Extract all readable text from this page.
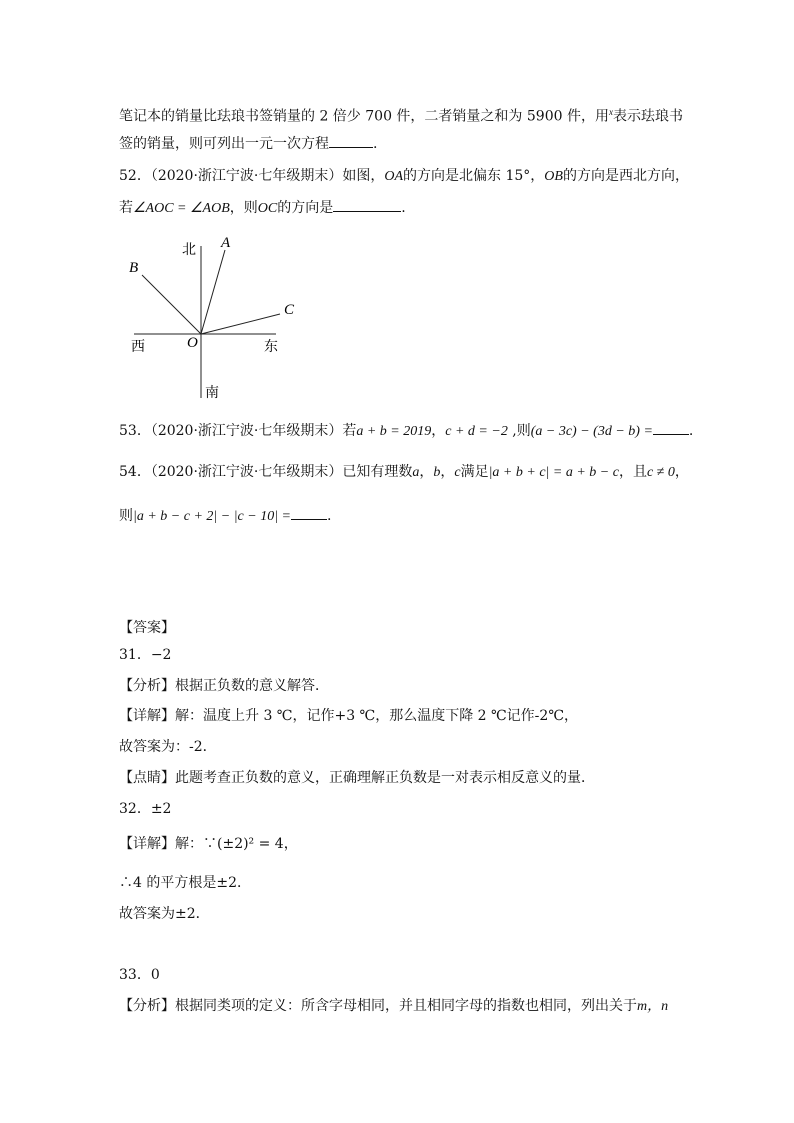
笔记本的销量比珐琅书签销量的 2 倍少 700 件，二者销量之和为 5900 件，用$^x$表示珐琅书
签的销量，则可列出一元一次方程	.
52．（2020·浙江宁波·七年级期末）如图，OA的方向是北偏东 15°，OB的方向是西北方向，
若∠AOC = ∠AOB，则OC的方向是	.
北 A
B
C
西	O	东
南
53．（2020·浙江宁波·七年级期末）若a + b = 2019，c + d = −2 ,则(a − 3c) − (3d − b) =	.
54．（2020·浙江宁波·七年级期末）已知有理数a，b，c满足|a + b + c| = a + b − c，且c ≠ 0，
则|a + b − c + 2| − |c − 10| =	.
【答案】
31．−2
【分析】根据正负数的意义解答．
【详解】解：温度上升 3 ℃，记作+3 ℃，那么温度下降 2 ℃记作-2℃，
故答案为：-2．
【点睛】此题考查正负数的意义，正确理解正负数是一对表示相反意义的量．
32．±2
【详解】解：∵(±2)² = 4，
∴4 的平方根是±2．
故答案为±2．
33．0
【分析】根据同类项的定义：所含字母相同，并且相同字母的指数也相同，列出关于m，n
